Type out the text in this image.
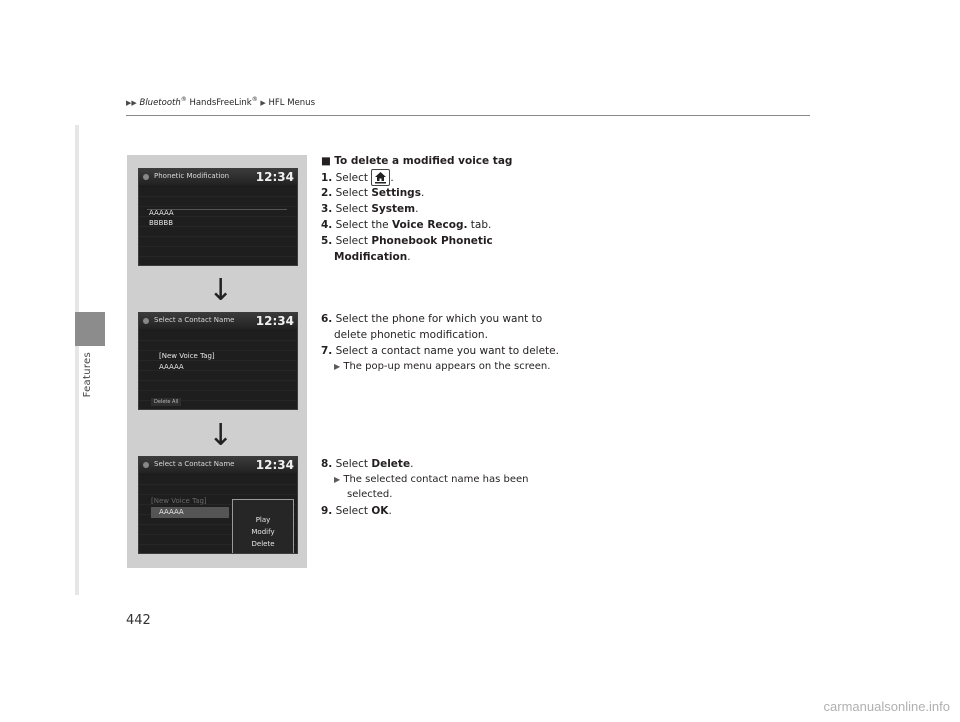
▶▶ Bluetooth® HandsFreeLink® ▶ HFL Menus
Features
Phonetic Modification 12:34
AAAAA
BBBBB
↓
Select a Contact Name 12:34
[New Voice Tag]
AAAAA
Delete All
↓
Select a Contact Name 12:34
[New Voice Tag]
AAAAA
Play
Modify
Delete
■ To delete a modified voice tag
1. Select .
2. Select Settings.
3. Select System.
4. Select the Voice Recog. tab.
5. Select Phonebook Phonetic
Modification.
6. Select the phone for which you want to
delete phonetic modification.
7. Select a contact name you want to delete.
▶ The pop-up menu appears on the screen.
8. Select Delete.
▶ The selected contact name has been
selected.
9. Select OK.
442
carmanualsonline.info
